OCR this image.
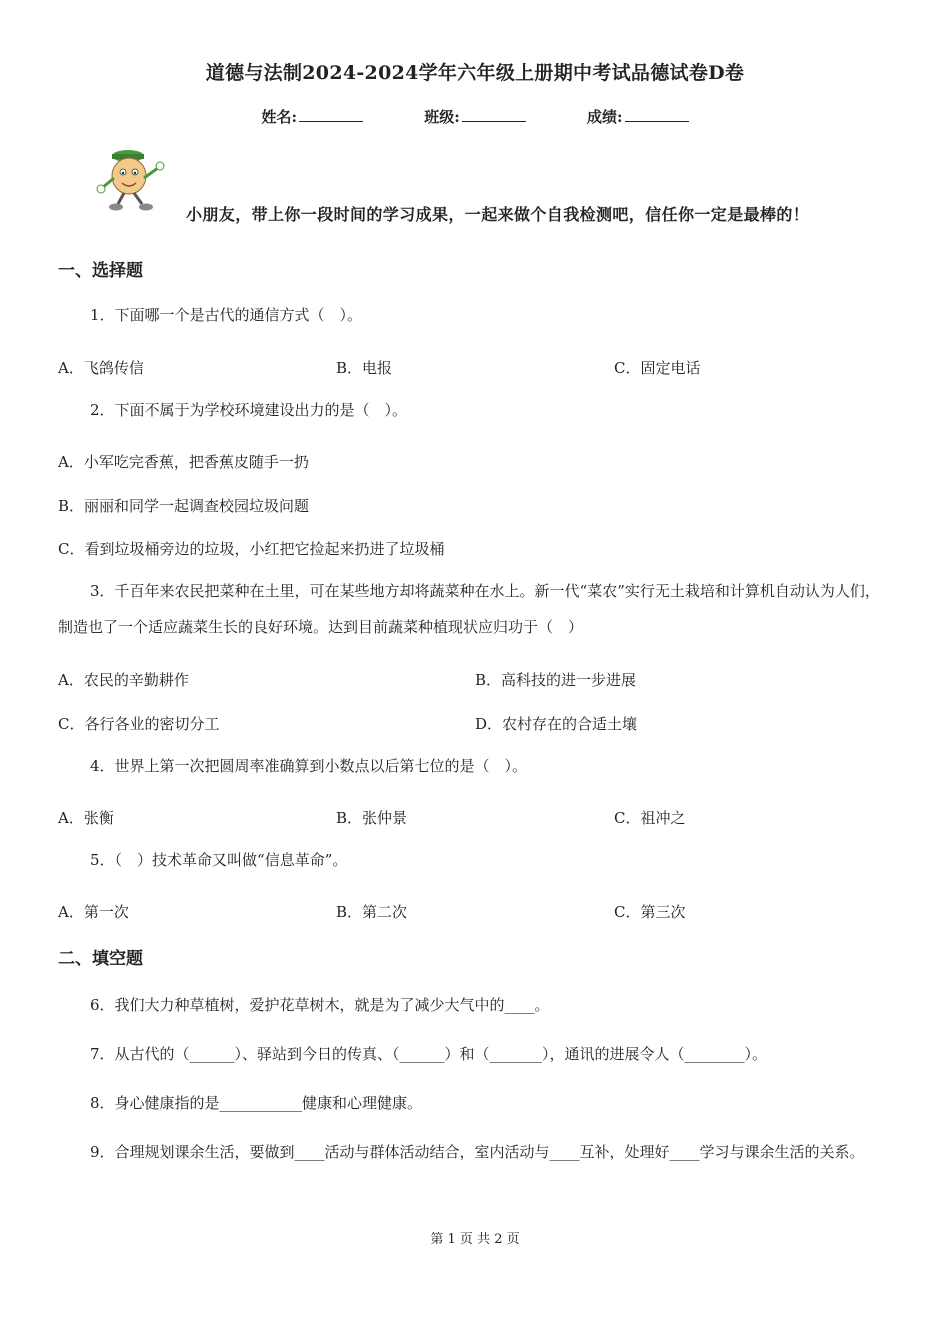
道德与法制2024-2024学年六年级上册期中考试品德试卷D卷
姓名:	班级:	成绩:
小朋友，带上你一段时间的学习成果，一起来做个自我检测吧，信任你一定是最棒的！
一、选择题
1．下面哪一个是古代的通信方式（　）。
A．飞鸽传信	B．电报	C．固定电话
2．下面不属于为学校环境建设出力的是（　）。
A．小军吃完香蕉，把香蕉皮随手一扔
B．丽丽和同学一起调查校园垃圾问题
C．看到垃圾桶旁边的垃圾，小红把它捡起来扔进了垃圾桶
3．千百年来农民把菜种在土里，可在某些地方却将蔬菜种在水上。新一代“菜农”实行无土栽培和计算机自动认为人们，制造也了一个适应蔬菜生长的良好环境。达到目前蔬菜种植现状应归功于（　）
A．农民的辛勤耕作	B．高科技的进一步进展
C．各行各业的密切分工	D．农村存在的合适土壤
4．世界上第一次把圆周率准确算到小数点以后第七位的是（　）。
A．张衡	B．张仲景	C．祖冲之
5．（　）技术革命又叫做“信息革命”。
A．第一次	B．第二次	C．第三次
二、填空题
6．我们大力种草植树，爱护花草树木，就是为了减少大气中的____。
7．从古代的（______）、驿站到今日的传真、（______）和（_______），通讯的进展令人（________）。
8．身心健康指的是___________健康和心理健康。
9．合理规划课余生活，要做到____活动与群体活动结合，室内活动与____互补，处理好____学习与课余生活的关系。
第 1 页 共 2 页
